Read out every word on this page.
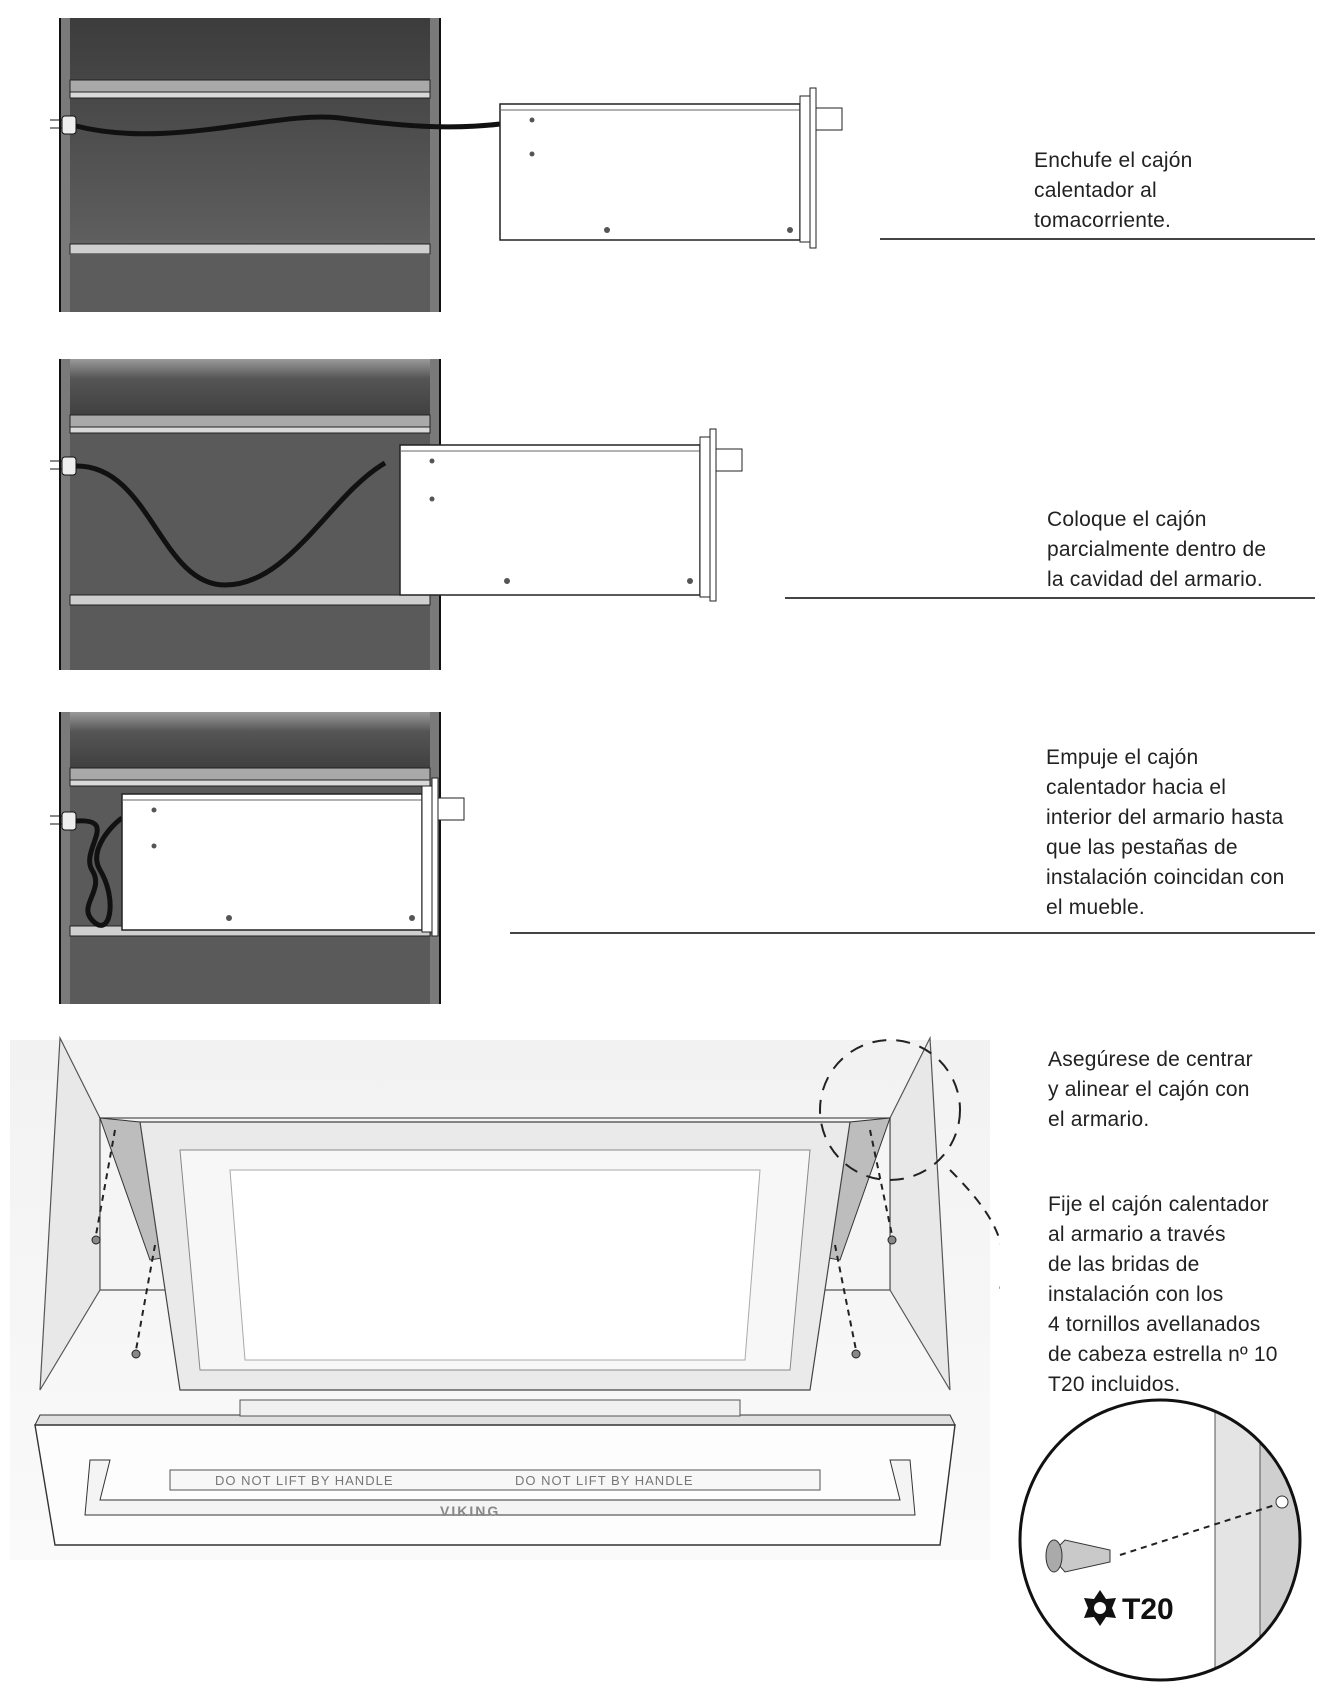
DO NOT LIFT BY HANDLE	DO NOT LIFT BY HANDLE
VIKING
T20
Enchufe el cajón
calentador al
tomacorriente.
Coloque el cajón
parcialmente dentro de
la cavidad del armario.
Empuje el cajón
calentador hacia el
interior del armario hasta
que las pestañas de
instalación coincidan con
el mueble.
Asegúrese de centrar
y alinear el cajón con
el armario.
Fije el cajón calentador
al armario a través
de las bridas de
instalación con los
4 tornillos avellanados
de cabeza estrella nº 10
T20 incluidos.
